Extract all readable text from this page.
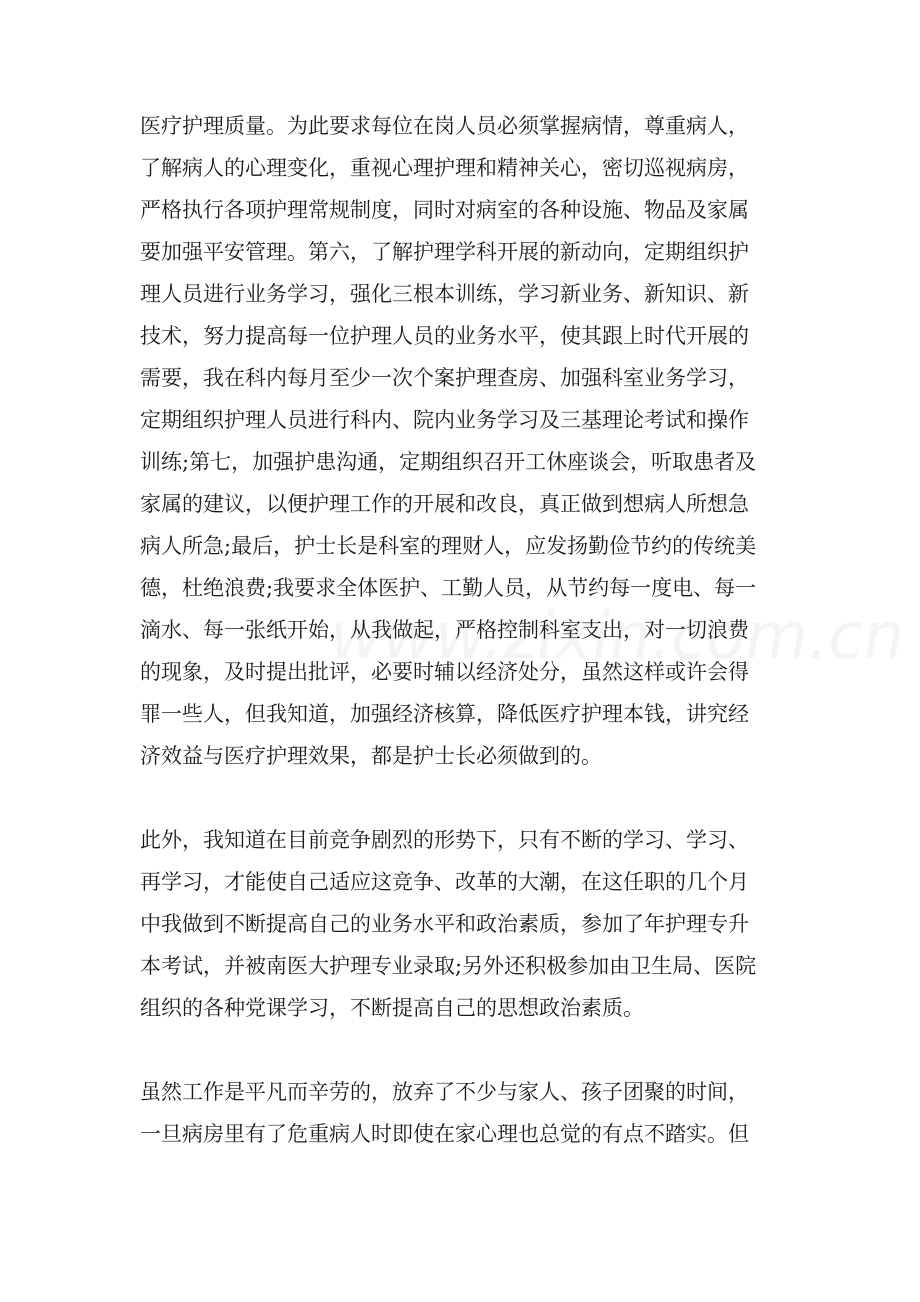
医疗护理质量。为此要求每位在岗人员必须掌握病情，尊重病人，
了解病人的心理变化，重视心理护理和精神关心，密切巡视病房，
严格执行各项护理常规制度，同时对病室的各种设施、物品及家属
要加强平安管理。第六，了解护理学科开展的新动向，定期组织护
理人员进行业务学习，强化三根本训练，学习新业务、新知识、新
技术，努力提高每一位护理人员的业务水平，使其跟上时代开展的
需要，我在科内每月至少一次个案护理查房、加强科室业务学习，
定期组织护理人员进行科内、院内业务学习及三基理论考试和操作
训练;第七，加强护患沟通，定期组织召开工休座谈会，听取患者及
家属的建议，以便护理工作的开展和改良，真正做到想病人所想急
病人所急;最后，护士长是科室的理财人，应发扬勤俭节约的传统美
德，杜绝浪费;我要求全体医护、工勤人员，从节约每一度电、每一
滴水、每一张纸开始，从我做起，严格控制科室支出，对一切浪费
的现象，及时提出批评，必要时辅以经济处分，虽然这样或许会得
罪一些人，但我知道，加强经济核算，降低医疗护理本钱，讲究经
济效益与医疗护理效果，都是护士长必须做到的。
此外，我知道在目前竞争剧烈的形势下，只有不断的学习、学习、
再学习，才能使自己适应这竞争、改革的大潮，在这任职的几个月
中我做到不断提高自己的业务水平和政治素质，参加了年护理专升
本考试，并被南医大护理专业录取;另外还积极参加由卫生局、医院
组织的各种党课学习，不断提高自己的思想政治素质。
虽然工作是平凡而辛劳的，放弃了不少与家人、孩子团聚的时间，
一旦病房里有了危重病人时即使在家心理也总觉的有点不踏实。但
